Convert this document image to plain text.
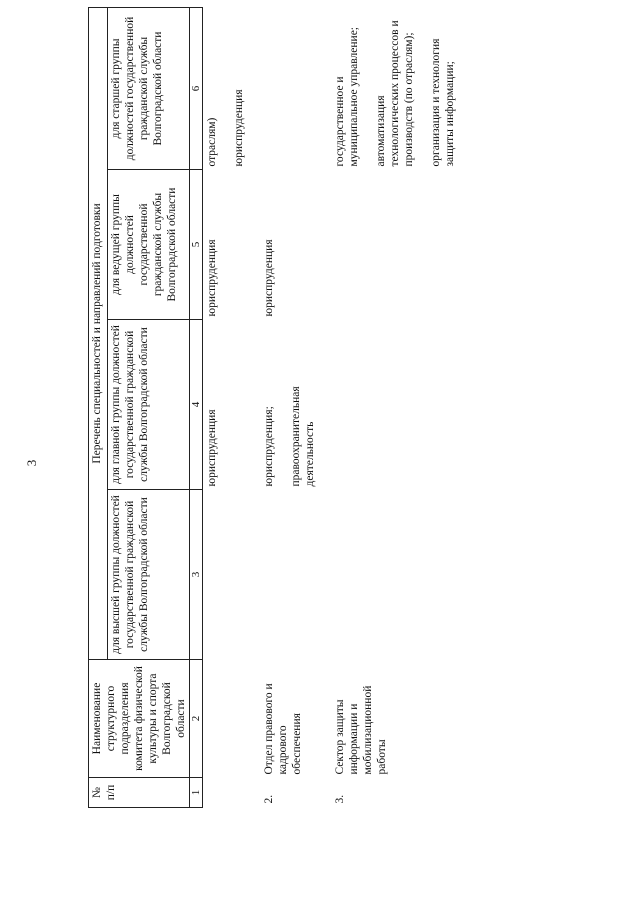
3
№ п/п	Наименование структурного подразделения комитета физической культуры и спорта Волгоградской области	Перечень специальностей и направлений подготовки			
		для высшей группы должностей государственной гражданской службы Волгоградской области	для главной группы должностей государственной гражданской службы Волгоградской области	для ведущей группы должностей государственной гражданской службы Волгоградской области	для старшей группы должностей государственной гражданской службы Волгоградской области
1	2	3	4	5	6
			юриспруденция	юриспруденция	отраслям) юриспруденция
2.	Отдел правового и кадрового обеспечения		юриспруденция; правоохранительная деятельность	юриспруденция	
3.	Сектор защиты информации и мобилизационной работы				государственное и муниципальное управление; автоматизация технологических процессов и производств (по отраслям); организация и технология защиты информации;
